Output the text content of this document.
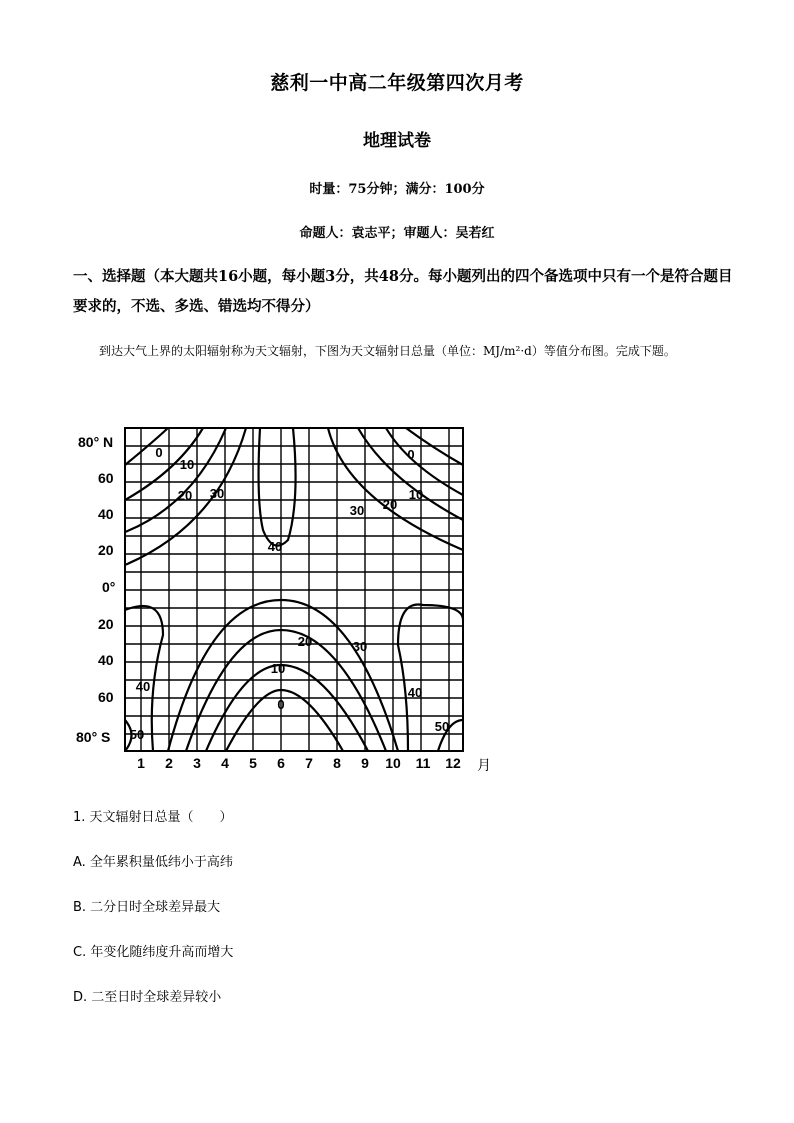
慈利一中高二年级第四次月考
地理试卷
时量：75分钟；满分：100分
命题人：袁志平；审题人：吴若红
一、选择题（本大题共16小题，每小题3分，共48分。每小题列出的四个备选项中只有一个是符合题目要求的，不选、多选、错选均不得分）
到达大气上界的太阳辐射称为天文辐射，下图为天文辐射日总量（单位：MJ/m²·d）等值分布图。完成下题。
80° N
60
40
20
0°
20
40
60
80° S
1 2 3 4 5 6 7 8 9 10 11 12 月
0
10
20 30
0
10
20
30
40
20
10
0
30
40	40
50
50
1. 天文辐射日总量（　　）
A. 全年累积量低纬小于高纬
B. 二分日时全球差异最大
C. 年变化随纬度升高而增大
D. 二至日时全球差异较小
